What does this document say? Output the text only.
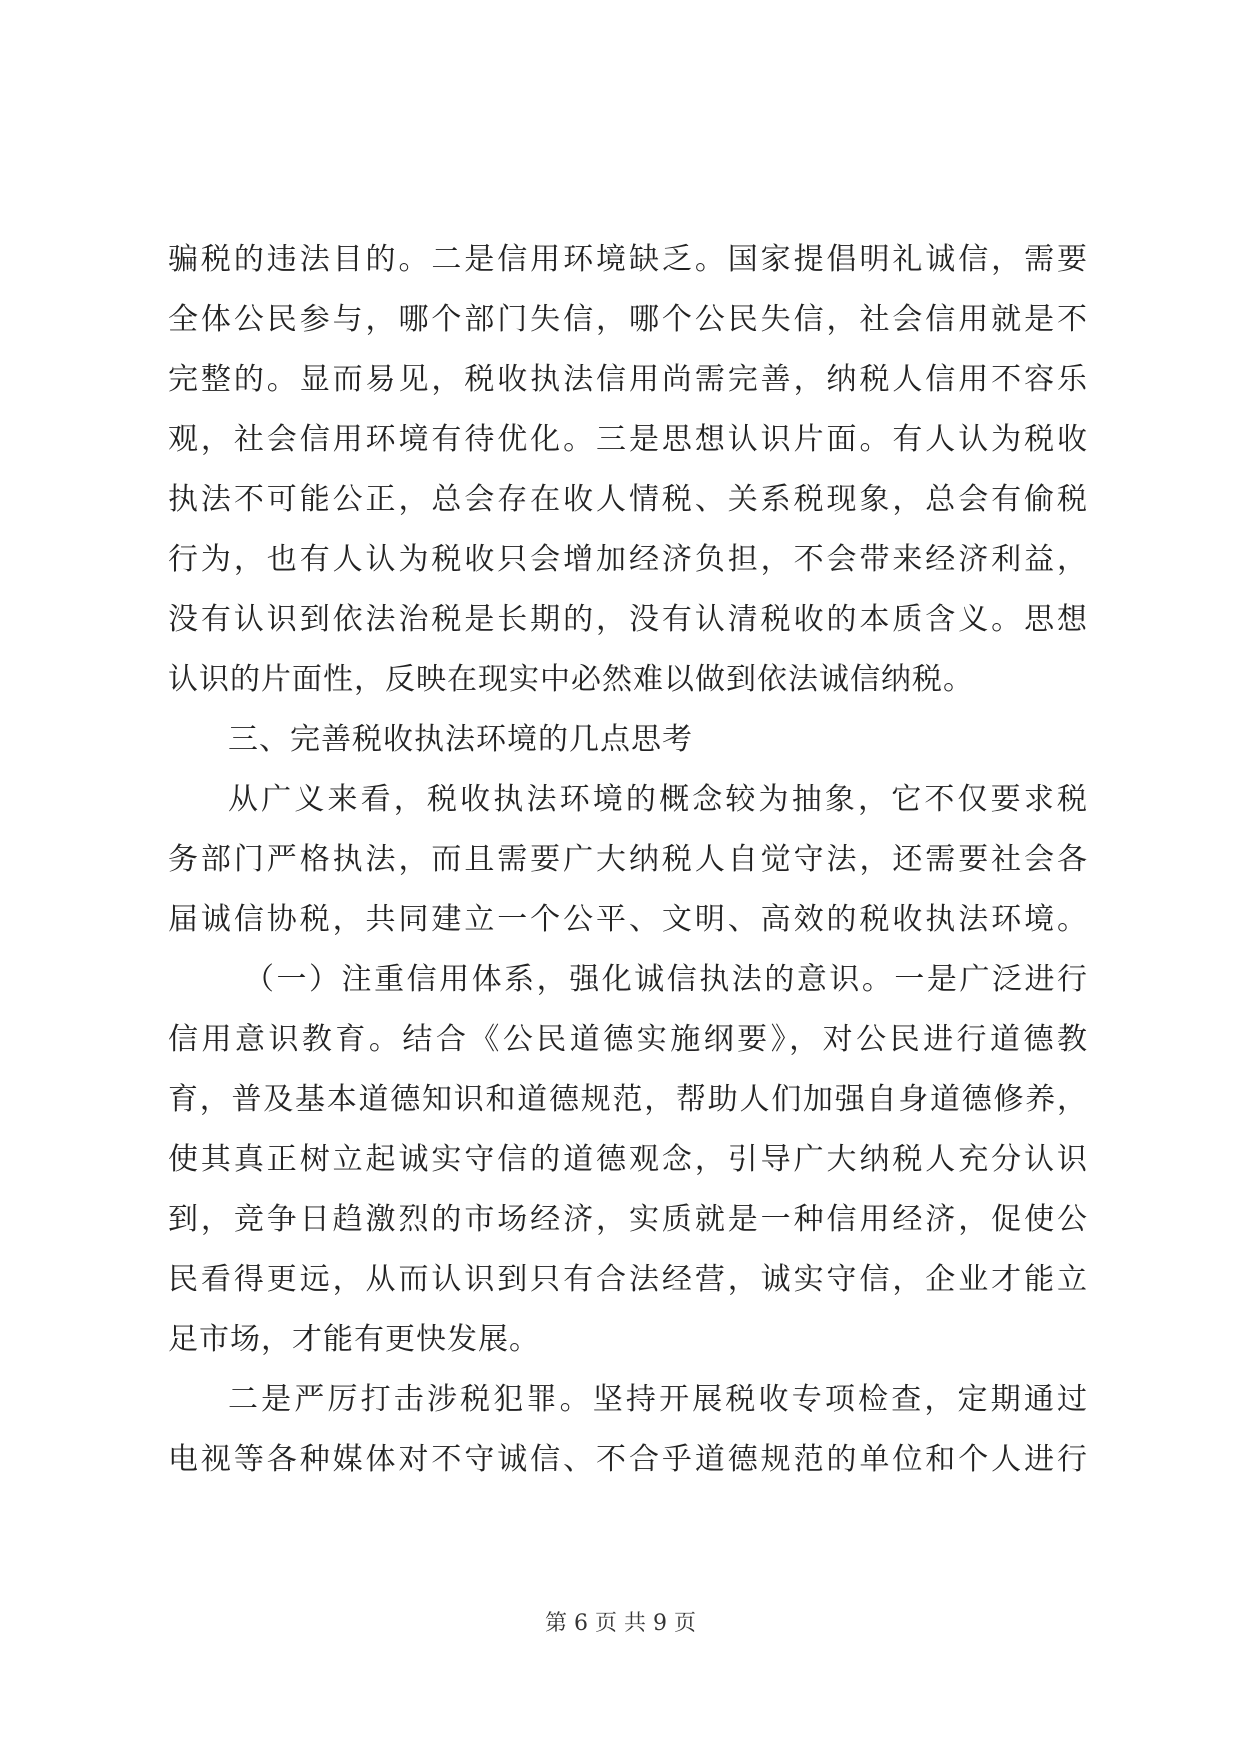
骗税的违法目的。二是信用环境缺乏。国家提倡明礼诚信，需要
全体公民参与，哪个部门失信，哪个公民失信，社会信用就是不
完整的。显而易见，税收执法信用尚需完善，纳税人信用不容乐
观，社会信用环境有待优化。三是思想认识片面。有人认为税收
执法不可能公正，总会存在收人情税、关系税现象，总会有偷税
行为，也有人认为税收只会增加经济负担，不会带来经济利益，
没有认识到依法治税是长期的，没有认清税收的本质含义。思想
认识的片面性，反映在现实中必然难以做到依法诚信纳税。
三、完善税收执法环境的几点思考
从广义来看，税收执法环境的概念较为抽象，它不仅要求税
务部门严格执法，而且需要广大纳税人自觉守法，还需要社会各
届诚信协税，共同建立一个公平、文明、高效的税收执法环境。
（一）注重信用体系，强化诚信执法的意识。一是广泛进行
信用意识教育。结合《公民道德实施纲要》，对公民进行道德教
育，普及基本道德知识和道德规范，帮助人们加强自身道德修养，
使其真正树立起诚实守信的道德观念，引导广大纳税人充分认识
到，竞争日趋激烈的市场经济，实质就是一种信用经济，促使公
民看得更远，从而认识到只有合法经营，诚实守信，企业才能立
足市场，才能有更快发展。
二是严厉打击涉税犯罪。坚持开展税收专项检查，定期通过
电视等各种媒体对不守诚信、不合乎道德规范的单位和个人进行
第 6 页 共 9 页
